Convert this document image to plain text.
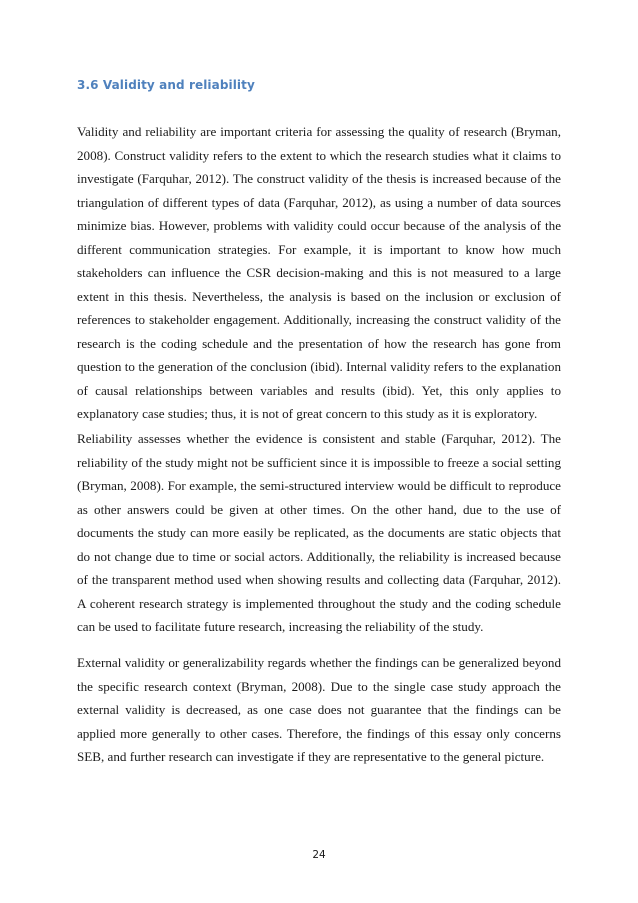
3.6 Validity and reliability

Validity and reliability are important criteria for assessing the quality of research (Bryman, 2008). Construct validity refers to the extent to which the research studies what it claims to investigate (Farquhar, 2012). The construct validity of the thesis is increased because of the triangulation of different types of data (Farquhar, 2012), as using a number of data sources minimize bias. However, problems with validity could occur because of the analysis of the different communication strategies. For example, it is important to know how much stakeholders can influence the CSR decision-making and this is not measured to a large extent in this thesis. Nevertheless, the analysis is based on the inclusion or exclusion of references to stakeholder engagement. Additionally, increasing the construct validity of the research is the coding schedule and the presentation of how the research has gone from question to the generation of the conclusion (ibid). Internal validity refers to the explanation of causal relationships between variables and results (ibid). Yet, this only applies to explanatory case studies; thus, it is not of great concern to this study as it is exploratory.

Reliability assesses whether the evidence is consistent and stable (Farquhar, 2012). The reliability of the study might not be sufficient since it is impossible to freeze a social setting (Bryman, 2008). For example, the semi-structured interview would be difficult to reproduce as other answers could be given at other times. On the other hand, due to the use of documents the study can more easily be replicated, as the documents are static objects that do not change due to time or social actors. Additionally, the reliability is increased because of the transparent method used when showing results and collecting data (Farquhar, 2012). A coherent research strategy is implemented throughout the study and the coding schedule can be used to facilitate future research, increasing the reliability of the study.

External validity or generalizability regards whether the findings can be generalized beyond the specific research context (Bryman, 2008). Due to the single case study approach the external validity is decreased, as one case does not guarantee that the findings can be applied more generally to other cases. Therefore, the findings of this essay only concerns SEB, and further research can investigate if they are representative to the general picture.

24
